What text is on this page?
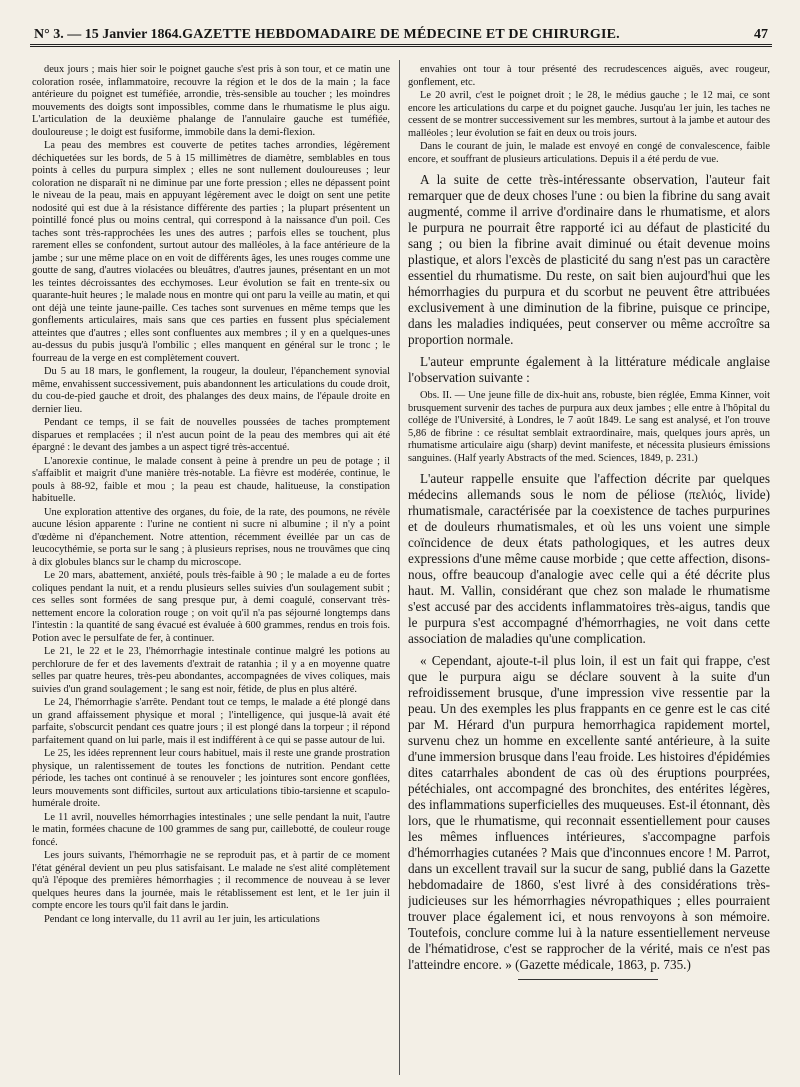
N° 3. — 15 Janvier 1864. GAZETTE HEBDOMADAIRE DE MÉDECINE ET DE CHIRURGIE.	47

deux jours ; mais hier soir le poignet gauche s'est pris à son tour, et ce matin une coloration rosée, inflammatoire, recouvre la région et le dos de la main ; la face antérieure du poignet est tuméfiée, arrondie, très-sensible au toucher ; les moindres mouvements des doigts sont impossibles, comme dans le rhumatisme le plus aigu. L'articulation de la deuxième phalange de l'annulaire gauche est tuméfiée, douloureuse ; le doigt est fusiforme, immobile dans la demi-flexion.

La peau des membres est couverte de petites taches arrondies, légèrement déchiquetées sur les bords, de 5 à 15 millimètres de diamètre, semblables en tous points à celles du purpura simplex ; elles ne sont nullement douloureuses ; leur coloration ne disparaît ni ne diminue par une forte pression ; elles ne dépassent point le niveau de la peau, mais en appuyant légèrement avec le doigt on sent une petite nodosité qui est due à la résistance différente des parties ; la plupart présentent un pointillé foncé plus ou moins central, qui correspond à la naissance d'un poil. Ces taches sont très-rapprochées les unes des autres ; parfois elles se touchent, plus rarement elles se confondent, surtout autour des malléoles, à la face antérieure de la jambe ; sur une même place on en voit de différents âges, les unes rouges comme une goutte de sang, d'autres violacées ou bleuâtres, d'autres jaunes, présentant en un mot les teintes décroissantes des ecchymoses. Leur évolution se fait en trente-six ou quarante-huit heures ; le malade nous en montre qui ont paru la veille au matin, et qui ont déjà une teinte jaune-paille. Ces taches sont survenues en même temps que les gonflements articulaires, mais sans que ces parties en fussent plus spécialement atteintes que d'autres ; elles sont confluentes aux membres ; il y en a quelques-unes au-dessus du pubis jusqu'à l'ombilic ; elles manquent en général sur le tronc ; le fourreau de la verge en est complètement couvert.

Du 5 au 18 mars, le gonflement, la rougeur, la douleur, l'épanchement synovial même, envahissent successivement, puis abandonnent les articulations du coude droit, du cou-de-pied gauche et droit, des phalanges des deux mains, de l'épaule droite en dernier lieu.

Pendant ce temps, il se fait de nouvelles poussées de taches promptement disparues et remplacées ; il n'est aucun point de la peau des membres qui ait été épargné : le devant des jambes a un aspect tigré très-accentué.

L'anorexie continue, le malade consent à peine à prendre un peu de potage ; il s'affaiblit et maigrit d'une manière très-notable. La fièvre est modérée, continue, le pouls à 88-92, faible et mou ; la peau est chaude, halitueuse, la constipation habituelle.

Une exploration attentive des organes, du foie, de la rate, des poumons, ne révèle aucune lésion apparente : l'urine ne contient ni sucre ni albumine ; il n'y a point d'œdème ni d'épanchement. Notre attention, récemment éveillée par un cas de leucocythémie, se porta sur le sang ; à plusieurs reprises, nous ne trouvâmes que cinq à dix globules blancs sur le champ du microscope.

Le 20 mars, abattement, anxiété, pouls très-faible à 90 ; le malade a eu de fortes coliques pendant la nuit, et a rendu plusieurs selles suivies d'un soulagement subit ; ces selles sont formées de sang presque pur, à demi coagulé, conservant très-nettement encore la coloration rouge ; on voit qu'il n'a pas séjourné longtemps dans l'intestin : la quantité de sang évacué est évaluée à 600 grammes, rendus en trois fois. Potion avec le persulfate de fer, à continuer.

Le 21, le 22 et le 23, l'hémorrhagie intestinale continue malgré les potions au perchlorure de fer et des lavements d'extrait de ratanhia ; il y a en moyenne quatre selles par quatre heures, très-peu abondantes, accompagnées de vives coliques, mais suivies d'un grand soulagement ; le sang est noir, fétide, de plus en plus altéré.

Le 24, l'hémorrhagie s'arrête. Pendant tout ce temps, le malade a été plongé dans un grand affaissement physique et moral ; l'intelligence, qui jusque-là avait été parfaite, s'obscurcit pendant ces quatre jours ; il est plongé dans la torpeur ; il répond parfaitement quand on lui parle, mais il est indifférent à ce qui se passe autour de lui.

Le 25, les idées reprennent leur cours habituel, mais il reste une grande prostration physique, un ralentissement de toutes les fonctions de nutrition. Pendant cette période, les taches ont continué à se renouveler ; les jointures sont encore gonflées, leurs mouvements sont difficiles, surtout aux articulations tibio-tarsienne et scapulo-humérale droite.

Le 11 avril, nouvelles hémorrhagies intestinales ; une selle pendant la nuit, l'autre le matin, formées chacune de 100 grammes de sang pur, caillebotté, de couleur rouge foncé.

Les jours suivants, l'hémorrhagie ne se reproduit pas, et à partir de ce moment l'état général devient un peu plus satisfaisant. Le malade ne s'est alité complètement qu'à l'époque des premières hémorrhagies ; il recommence de nouveau à se lever quelques heures dans la journée, mais le rétablissement est lent, et le 1er juin il compte encore les tours qu'il fait dans le jardin.

Pendant ce long intervalle, du 11 avril au 1er juin, les articulations

envahies ont tour à tour présenté des recrudescences aiguës, avec rougeur, gonflement, etc.

Le 20 avril, c'est le poignet droit ; le 28, le médius gauche ; le 12 mai, ce sont encore les articulations du carpe et du poignet gauche. Jusqu'au 1er juin, les taches ne cessent de se montrer successivement sur les membres, surtout à la jambe et autour des malléoles ; leur évolution se fait en deux ou trois jours.

Dans le courant de juin, le malade est envoyé en congé de convalescence, faible encore, et souffrant de plusieurs articulations. Depuis il a été perdu de vue.

A la suite de cette très-intéressante observation, l'auteur fait remarquer que de deux choses l'une : ou bien la fibrine du sang avait augmenté, comme il arrive d'ordinaire dans le rhumatisme, et alors le purpura ne pourrait être rapporté ici au défaut de plasticité du sang ; ou bien la fibrine avait diminué ou était devenue moins plastique, et alors l'excès de plasticité du sang n'est pas un caractère essentiel du rhumatisme. Du reste, on sait bien aujourd'hui que les hémorrhagies du purpura et du scorbut ne peuvent être attribuées exclusivement à une diminution de la fibrine, puisque ce principe, dans les maladies indiquées, peut conserver ou même accroître sa proportion normale.

L'auteur emprunte également à la littérature médicale anglaise l'observation suivante :

Obs. II. — Une jeune fille de dix-huit ans, robuste, bien réglée, Emma Kinner, voit brusquement survenir des taches de purpura aux deux jambes ; elle entre à l'hôpital du collége de l'Université, à Londres, le 7 août 1849. Le sang est analysé, et l'on trouve 5,86 de fibrine : ce résultat semblait extraordinaire, mais, quelques jours après, un rhumatisme articulaire aigu (sharp) devint manifeste, et nécessita plusieurs émissions sanguines. (Half yearly Abstracts of the med. Sciences, 1849, p. 231.)

L'auteur rappelle ensuite que l'affection décrite par quelques médecins allemands sous le nom de péliose (πελιός, livide) rhumatismale, caractérisée par la coexistence de taches purpurines et de douleurs rhumatismales, et où les uns voient une simple coïncidence de deux états pathologiques, et les autres deux expressions d'une même cause morbide ; que cette affection, disons-nous, offre beaucoup d'analogie avec celle qui a été décrite plus haut. M. Vallin, considérant que chez son malade le rhumatisme s'est accusé par des accidents inflammatoires très-aigus, tandis que le purpura s'est accompagné d'hémorrhagies, ne voit dans cette association de maladies qu'une complication.

« Cependant, ajoute-t-il plus loin, il est un fait qui frappe, c'est que le purpura aigu se déclare souvent à la suite d'un refroidissement brusque, d'une impression vive ressentie par la peau. Un des exemples les plus frappants en ce genre est le cas cité par M. Hérard d'un purpura hemorrhagica rapidement mortel, survenu chez un homme en excellente santé antérieure, à la suite d'une immersion brusque dans l'eau froide. Les histoires d'épidémies dites catarrhales abondent de cas où des éruptions pourprées, pétéchiales, ont accompagné des bronchites, des entérites légères, des inflammations superficielles des muqueuses. Est-il étonnant, dès lors, que le rhumatisme, qui reconnait essentiellement pour causes les mêmes influences intérieures, s'accompagne parfois d'hémorrhagies cutanées ? Mais que d'inconnues encore ! M. Parrot, dans un excellent travail sur la sucur de sang, publié dans la Gazette hebdomadaire de 1860, s'est livré à des considérations très-judicieuses sur les hémorrhagies névropathiques ; elles pourraient trouver place également ici, et nous renvoyons à son mémoire. Toutefois, conclure comme lui à la nature essentiellement nerveuse de l'hématidrose, c'est se rapprocher de la vérité, mais ce n'est pas l'atteindre encore. » (Gazette médicale, 1863, p. 735.)
